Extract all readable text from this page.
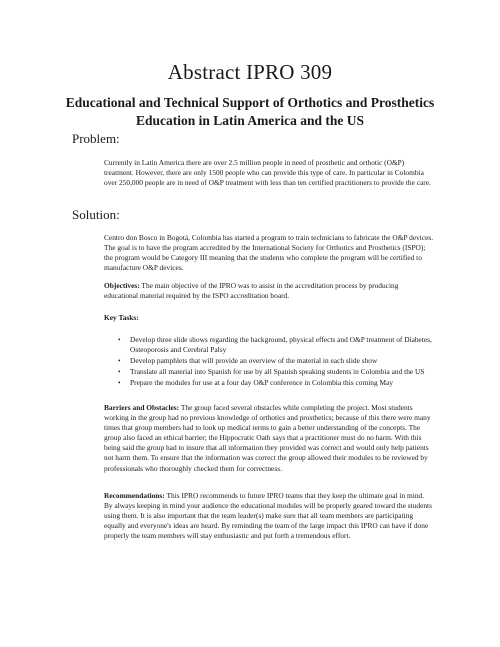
Abstract IPRO 309
Educational and Technical Support of Orthotics and Prosthetics Education in Latin America and the US
Problem:
Currently in Latin America there are over 2.5 million people in need of prosthetic and orthotic (O&P) treatment. However, there are only 1500 people who can provide this type of care. In particular in Colombia over 250,000 people are in need of O&P treatment with less than ten certified practitioners to provide the care.
Solution:
Centro don Bosco in Bogotá, Colombia has started a program to train technicians to fabricate the O&P devices. The goal is to have the program accredited by the International Society for Orthotics and Prosthetics (ISPO); the program would be Category III meaning that the students who complete the program will be certified to manufacture O&P devices.
Objectives: The main objective of the IPRO was to assist in the accreditation process by producing educational material required by the ISPO accreditation board.
Key Tasks:
• Develop three slide shows regarding the background, physical effects and O&P treatment of Diabetes, Osteoporosis and Cerebral Palsy
• Develop pamphlets that will provide an overview of the material in each slide show
• Translate all material into Spanish for use by all Spanish speaking students in Colombia and the US
• Prepare the modules for use at a four day O&P conference in Colombia this coming May
Barriers and Obstacles: The group faced several obstacles while completing the project. Most students working in the group had no previous knowledge of orthotics and prosthetics; because of this there were many times that group members had to look up medical terms to gain a better understanding of the concepts. The group also faced an ethical barrier; the Hippocratic Oath says that a practitioner must do no harm. With this being said the group had to insure that all information they provided was correct and would only help patients not harm them. To ensure that the information was correct the group allowed their modules to be reviewed by professionals who thoroughly checked them for correctness.
Recommendations: This IPRO recommends to future IPRO teams that they keep the ultimate goal in mind. By always keeping in mind your audience the educational modules will be properly geared toward the students using them. It is also important that the team leader(s) make sure that all team members are participating equally and everyone's ideas are heard. By reminding the team of the large impact this IPRO can have if done properly the team members will stay enthusiastic and put forth a tremendous effort.
